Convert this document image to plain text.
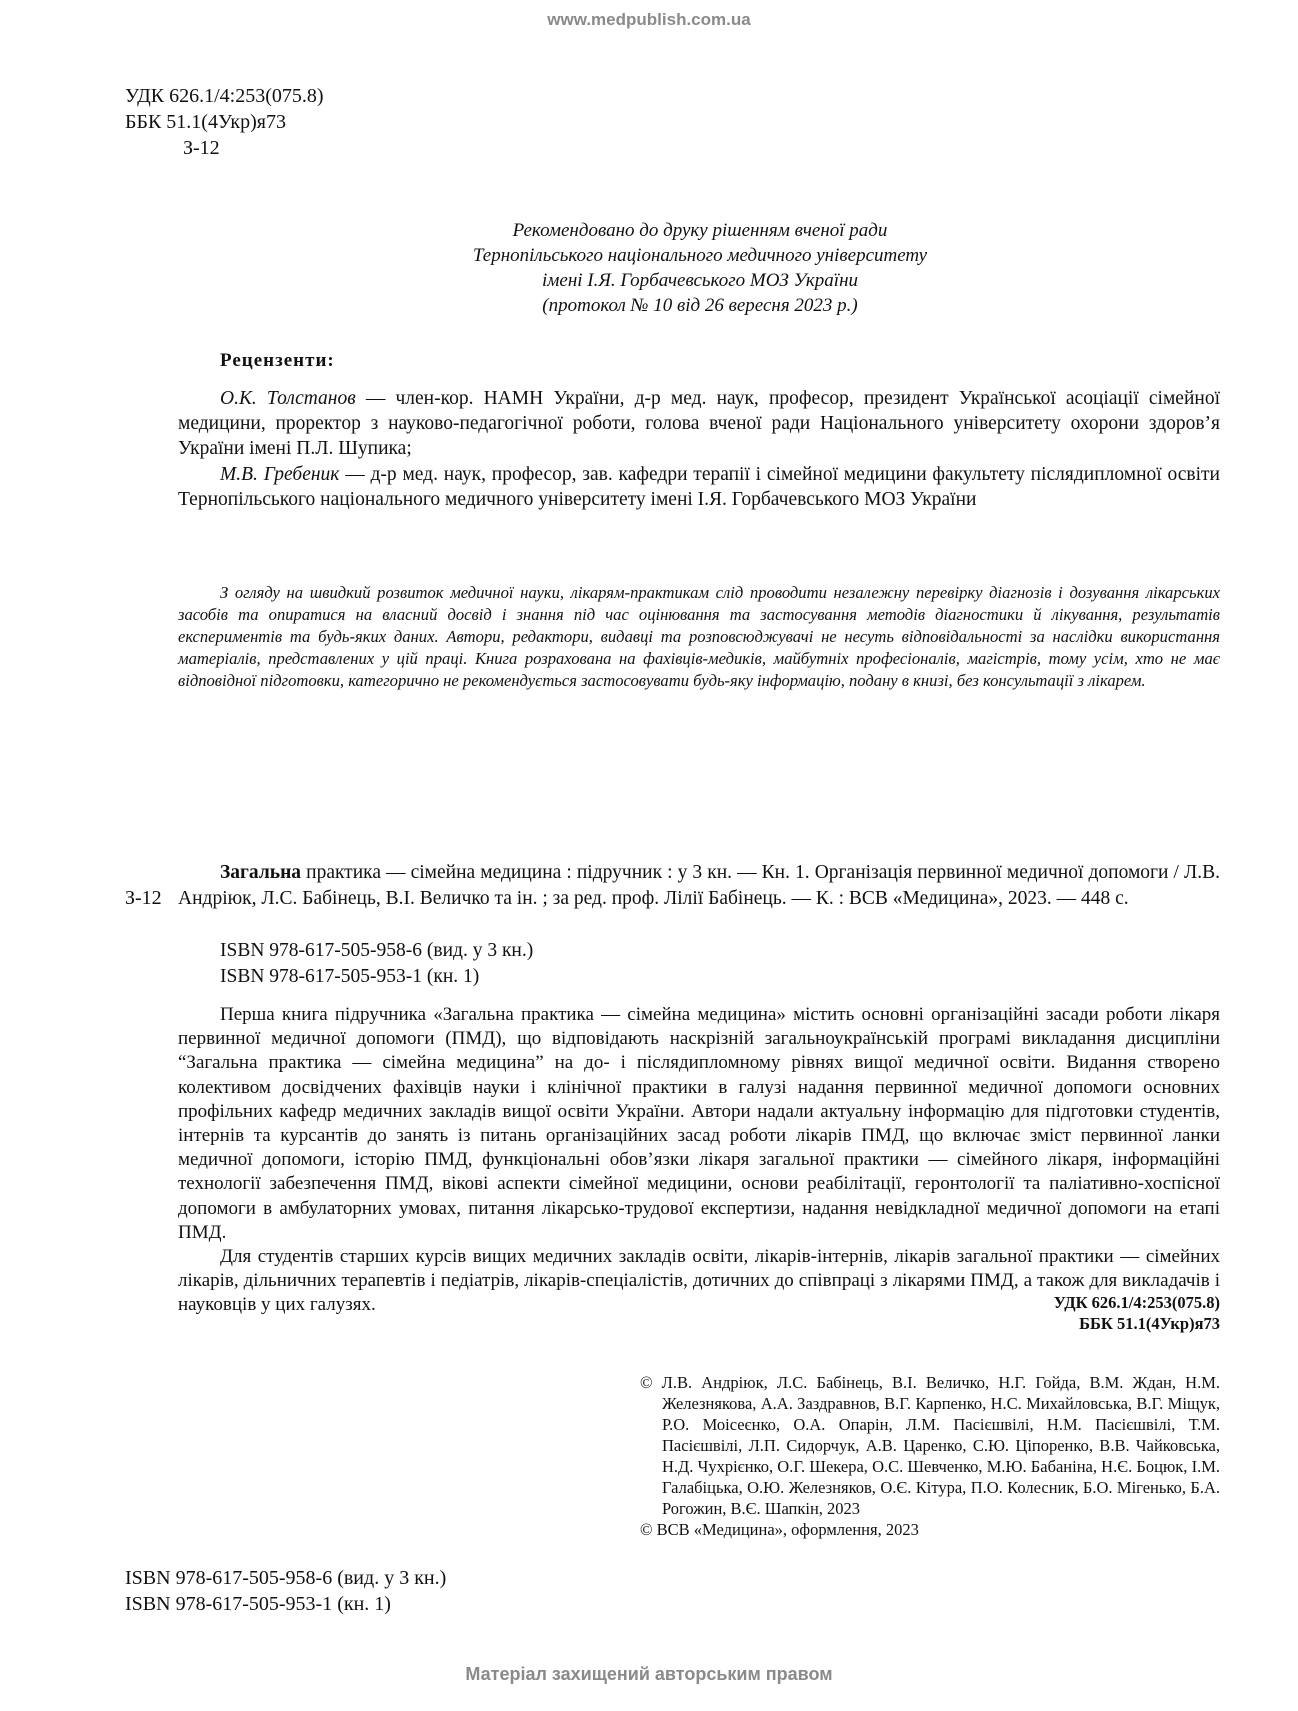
www.medpublish.com.ua
УДК 626.1/4:253(075.8)
ББК 51.1(4Укр)я73
З-12
Рекомендовано до друку рішенням вченої ради
Тернопільського національного медичного університету
імені І.Я. Горбачевського МОЗ України
(протокол № 10 від 26 вересня 2023 р.)
Рецензенти:
О.К. Толстанов — член-кор. НАМН України, д-р мед. наук, професор, президент Української асоціації сімейної медицини, проректор з науково-педагогічної роботи, голова вченої ради Національного університету охорони здоров’я України імені П.Л. Шупика;
М.В. Гребеник — д-р мед. наук, професор, зав. кафедри терапії і сімейної медицини факультету післядипломної освіти Тернопільського національного медичного університету імені І.Я. Горбачевського МОЗ України
З огляду на швидкий розвиток медичної науки, лікарям-практикам слід проводити незалежну перевірку діагнозів і дозування лікарських засобів та опиратися на власний досвід і знання під час оцінювання та застосування методів діагностики й лікування, результатів експериментів та будь-яких даних. Автори, редактори, видавці та розповсюджувачі не несуть відповідальності за наслідки використання матеріалів, представлених у цій праці. Книга розрахована на фахівців-медиків, майбутніх професіоналів, магістрів, тому усім, хто не має відповідної підготовки, категорично не рекомендується застосовувати будь-яку інформацію, подану в книзі, без консультації з лікарем.
З-12
Загальна практика — сімейна медицина : підручник : у 3 кн. — Кн. 1. Організація первинної медичної допомоги / Л.В. Андріюк, Л.С. Бабінець, В.І. Величко та ін. ; за ред. проф. Лілії Бабінець. — К. : ВСВ «Медицина», 2023. — 448 с.
ISBN 978-617-505-958-6 (вид. у 3 кн.)
ISBN 978-617-505-953-1 (кн. 1)

Перша книга підручника «Загальна практика — сімейна медицина» містить основні організаційні засади роботи лікаря первинної медичної допомоги (ПМД), що відповідають наскрізній загальноукраїнській програмі викладання дисципліни “Загальна практика — сімейна медицина” на до- і післядипломному рівнях вищої медичної освіти. Видання створено колективом досвідчених фахівців науки і клінічної практики в галузі надання первинної медичної допомоги основних профільних кафедр медичних закладів вищої освіти України. Автори надали актуальну інформацію для підготовки студентів, інтернів та курсантів до занять із питань організаційних засад роботи лікарів ПМД, що включає зміст первинної ланки медичної допомоги, історію ПМД, функціональні обов’язки лікаря загальної практики — сімейного лікаря, інформаційні технології забезпечення ПМД, вікові аспекти сімейної медицини, основи реабілітації, геронтології та паліативно-хоспісної допомоги в амбулаторних умовах, питання лікарсько-трудової експертизи, надання невідкладної медичної допомоги на етапі ПМД.

Для студентів старших курсів вищих медичних закладів освіти, лікарів-інтернів, лікарів загальної практики — сімейних лікарів, дільничних терапевтів і педіатрів, лікарів-спеціалістів, дотичних до співпраці з лікарями ПМД, а також для викладачів і науковців у цих галузях.	УДК 626.1/4:253(075.8)
ББК 51.1(4Укр)я73
© Л.В. Андріюк, Л.С. Бабінець, В.І. Величко, Н.Г. Гойда, В.М. Ждан, Н.М. Железнякова, А.А. Заздравнов, В.Г. Карпенко, Н.С. Михайловська, В.Г. Міщук, Р.О. Моісеєнко, О.А. Опарін, Л.М. Пасієшвілі, Н.М. Пасієшвілі, Т.М. Пасієшвілі, Л.П. Сидорчук, А.В. Царенко, С.Ю. Ціпоренко, В.В. Чайковська, Н.Д. Чухрієнко, О.Г. Шекера, О.С. Шевченко, М.Ю. Бабаніна, Н.Є. Боцюк, І.М. Галабіцька, О.Ю. Железняков, О.Є. Кітура, П.О. Колесник, Б.О. Мігенько, Б.А. Рогожин, В.Є. Шапкін, 2023
© ВСВ «Медицина», оформлення, 2023
ISBN 978-617-505-958-6 (вид. у 3 кн.)
ISBN 978-617-505-953-1 (кн. 1)
Матеріал захищений авторським правом
